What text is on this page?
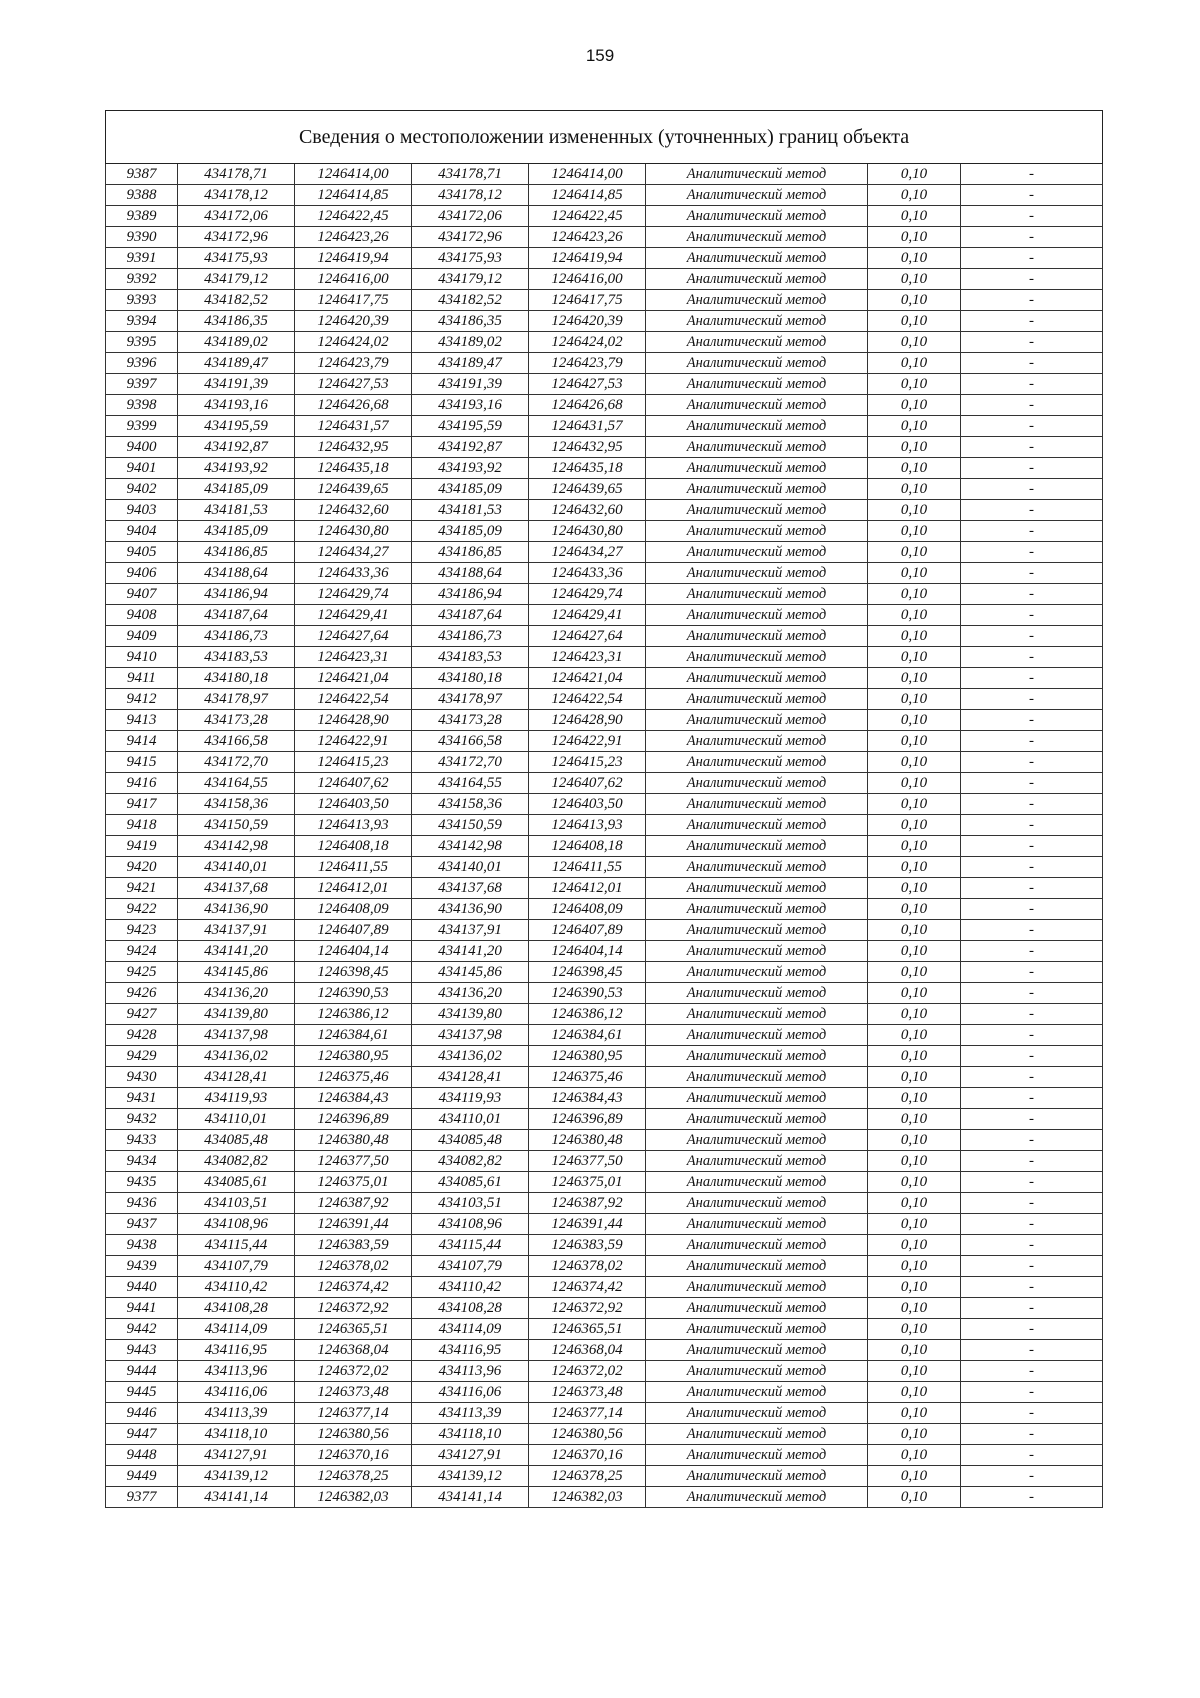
159
Сведения о местоположении измененных (уточненных) границ объекта							
9387	434178,71	1246414,00	434178,71	1246414,00	Аналитический метод	0,10	-
9388	434178,12	1246414,85	434178,12	1246414,85	Аналитический метод	0,10	-
9389	434172,06	1246422,45	434172,06	1246422,45	Аналитический метод	0,10	-
9390	434172,96	1246423,26	434172,96	1246423,26	Аналитический метод	0,10	-
9391	434175,93	1246419,94	434175,93	1246419,94	Аналитический метод	0,10	-
9392	434179,12	1246416,00	434179,12	1246416,00	Аналитический метод	0,10	-
9393	434182,52	1246417,75	434182,52	1246417,75	Аналитический метод	0,10	-
9394	434186,35	1246420,39	434186,35	1246420,39	Аналитический метод	0,10	-
9395	434189,02	1246424,02	434189,02	1246424,02	Аналитический метод	0,10	-
9396	434189,47	1246423,79	434189,47	1246423,79	Аналитический метод	0,10	-
9397	434191,39	1246427,53	434191,39	1246427,53	Аналитический метод	0,10	-
9398	434193,16	1246426,68	434193,16	1246426,68	Аналитический метод	0,10	-
9399	434195,59	1246431,57	434195,59	1246431,57	Аналитический метод	0,10	-
9400	434192,87	1246432,95	434192,87	1246432,95	Аналитический метод	0,10	-
9401	434193,92	1246435,18	434193,92	1246435,18	Аналитический метод	0,10	-
9402	434185,09	1246439,65	434185,09	1246439,65	Аналитический метод	0,10	-
9403	434181,53	1246432,60	434181,53	1246432,60	Аналитический метод	0,10	-
9404	434185,09	1246430,80	434185,09	1246430,80	Аналитический метод	0,10	-
9405	434186,85	1246434,27	434186,85	1246434,27	Аналитический метод	0,10	-
9406	434188,64	1246433,36	434188,64	1246433,36	Аналитический метод	0,10	-
9407	434186,94	1246429,74	434186,94	1246429,74	Аналитический метод	0,10	-
9408	434187,64	1246429,41	434187,64	1246429,41	Аналитический метод	0,10	-
9409	434186,73	1246427,64	434186,73	1246427,64	Аналитический метод	0,10	-
9410	434183,53	1246423,31	434183,53	1246423,31	Аналитический метод	0,10	-
9411	434180,18	1246421,04	434180,18	1246421,04	Аналитический метод	0,10	-
9412	434178,97	1246422,54	434178,97	1246422,54	Аналитический метод	0,10	-
9413	434173,28	1246428,90	434173,28	1246428,90	Аналитический метод	0,10	-
9414	434166,58	1246422,91	434166,58	1246422,91	Аналитический метод	0,10	-
9415	434172,70	1246415,23	434172,70	1246415,23	Аналитический метод	0,10	-
9416	434164,55	1246407,62	434164,55	1246407,62	Аналитический метод	0,10	-
9417	434158,36	1246403,50	434158,36	1246403,50	Аналитический метод	0,10	-
9418	434150,59	1246413,93	434150,59	1246413,93	Аналитический метод	0,10	-
9419	434142,98	1246408,18	434142,98	1246408,18	Аналитический метод	0,10	-
9420	434140,01	1246411,55	434140,01	1246411,55	Аналитический метод	0,10	-
9421	434137,68	1246412,01	434137,68	1246412,01	Аналитический метод	0,10	-
9422	434136,90	1246408,09	434136,90	1246408,09	Аналитический метод	0,10	-
9423	434137,91	1246407,89	434137,91	1246407,89	Аналитический метод	0,10	-
9424	434141,20	1246404,14	434141,20	1246404,14	Аналитический метод	0,10	-
9425	434145,86	1246398,45	434145,86	1246398,45	Аналитический метод	0,10	-
9426	434136,20	1246390,53	434136,20	1246390,53	Аналитический метод	0,10	-
9427	434139,80	1246386,12	434139,80	1246386,12	Аналитический метод	0,10	-
9428	434137,98	1246384,61	434137,98	1246384,61	Аналитический метод	0,10	-
9429	434136,02	1246380,95	434136,02	1246380,95	Аналитический метод	0,10	-
9430	434128,41	1246375,46	434128,41	1246375,46	Аналитический метод	0,10	-
9431	434119,93	1246384,43	434119,93	1246384,43	Аналитический метод	0,10	-
9432	434110,01	1246396,89	434110,01	1246396,89	Аналитический метод	0,10	-
9433	434085,48	1246380,48	434085,48	1246380,48	Аналитический метод	0,10	-
9434	434082,82	1246377,50	434082,82	1246377,50	Аналитический метод	0,10	-
9435	434085,61	1246375,01	434085,61	1246375,01	Аналитический метод	0,10	-
9436	434103,51	1246387,92	434103,51	1246387,92	Аналитический метод	0,10	-
9437	434108,96	1246391,44	434108,96	1246391,44	Аналитический метод	0,10	-
9438	434115,44	1246383,59	434115,44	1246383,59	Аналитический метод	0,10	-
9439	434107,79	1246378,02	434107,79	1246378,02	Аналитический метод	0,10	-
9440	434110,42	1246374,42	434110,42	1246374,42	Аналитический метод	0,10	-
9441	434108,28	1246372,92	434108,28	1246372,92	Аналитический метод	0,10	-
9442	434114,09	1246365,51	434114,09	1246365,51	Аналитический метод	0,10	-
9443	434116,95	1246368,04	434116,95	1246368,04	Аналитический метод	0,10	-
9444	434113,96	1246372,02	434113,96	1246372,02	Аналитический метод	0,10	-
9445	434116,06	1246373,48	434116,06	1246373,48	Аналитический метод	0,10	-
9446	434113,39	1246377,14	434113,39	1246377,14	Аналитический метод	0,10	-
9447	434118,10	1246380,56	434118,10	1246380,56	Аналитический метод	0,10	-
9448	434127,91	1246370,16	434127,91	1246370,16	Аналитический метод	0,10	-
9449	434139,12	1246378,25	434139,12	1246378,25	Аналитический метод	0,10	-
9377	434141,14	1246382,03	434141,14	1246382,03	Аналитический метод	0,10	-
